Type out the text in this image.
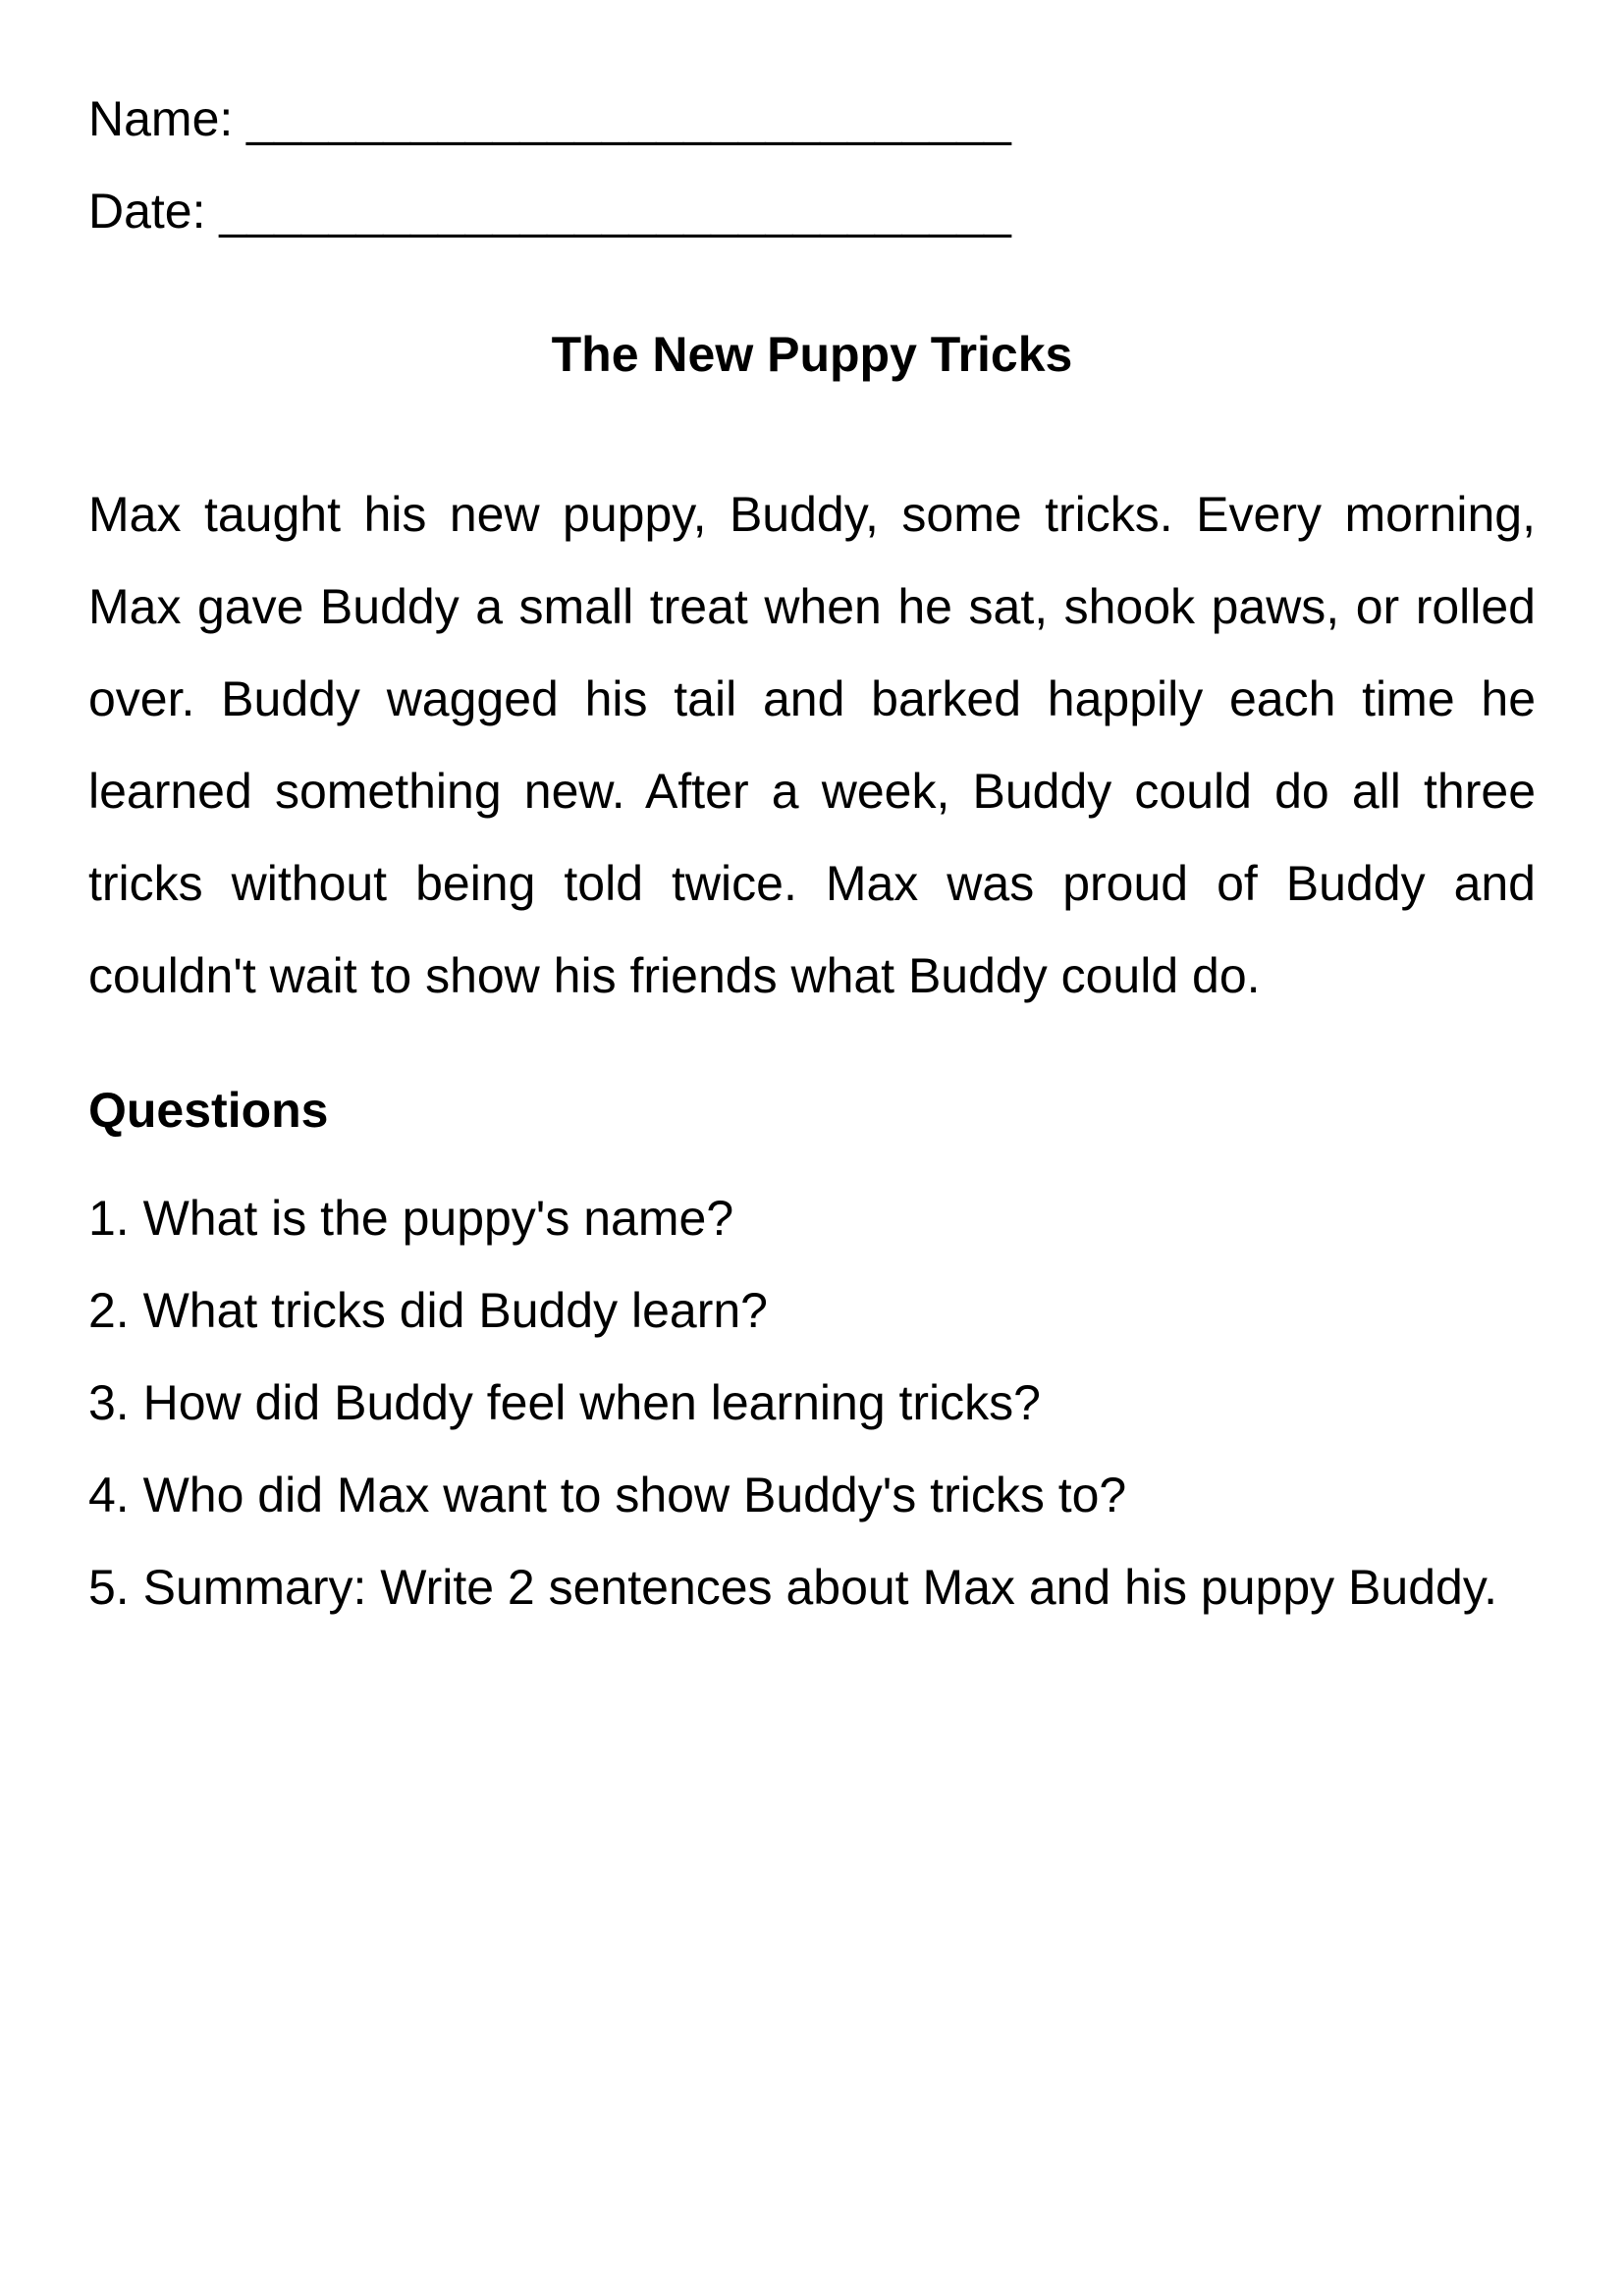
Name: ____________________________
Date: _____________________________
The New Puppy Tricks

Max taught his new puppy, Buddy, some tricks. Every morning, Max gave Buddy a small treat when he sat, shook paws, or rolled over. Buddy wagged his tail and barked happily each time he learned something new. After a week, Buddy could do all three tricks without being told twice. Max was proud of Buddy and couldn't wait to show his friends what Buddy could do.

Questions
1. What is the puppy's name?
2. What tricks did Buddy learn?
3. How did Buddy feel when learning tricks?
4. Who did Max want to show Buddy's tricks to?
5. Summary: Write 2 sentences about Max and his puppy Buddy.
